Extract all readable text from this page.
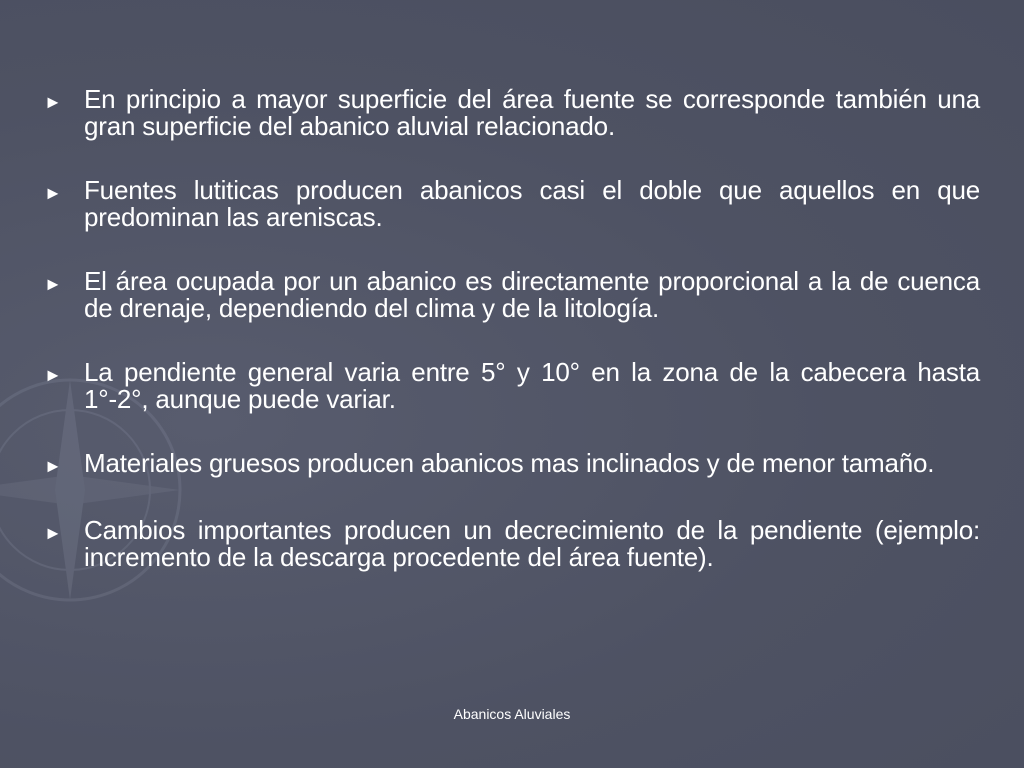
► En principio a mayor superficie del área fuente se corresponde también una gran superficie del abanico aluvial relacionado.
► Fuentes lutiticas producen abanicos casi el doble que aquellos en que predominan las areniscas.
► El área ocupada por un abanico es directamente proporcional a la de cuenca de drenaje, dependiendo del clima y de la litología.
► La pendiente general varia entre 5° y 10° en la zona de la cabecera hasta 1°-2°, aunque puede variar.
► Materiales gruesos producen abanicos mas inclinados y de menor tamaño.
► Cambios importantes producen un decrecimiento de la pendiente (ejemplo: incremento de la descarga procedente del área fuente).
Abanicos Aluviales
